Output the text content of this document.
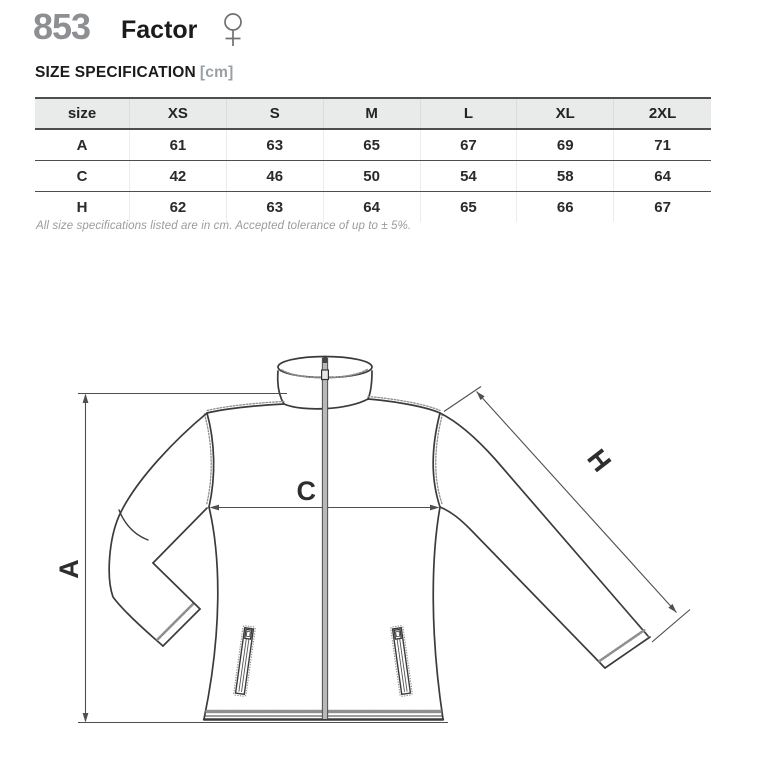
853 Factor
SIZE SPECIFICATION [cm]
size	XS	S	M	L	XL	2XL
A	61	63	65	67	69	71
C	42	46	50	54	58	64
H	62	63	64	65	66	67
All size specifications listed are in cm. Accepted tolerance of up to ± 5%.
A
C
H
